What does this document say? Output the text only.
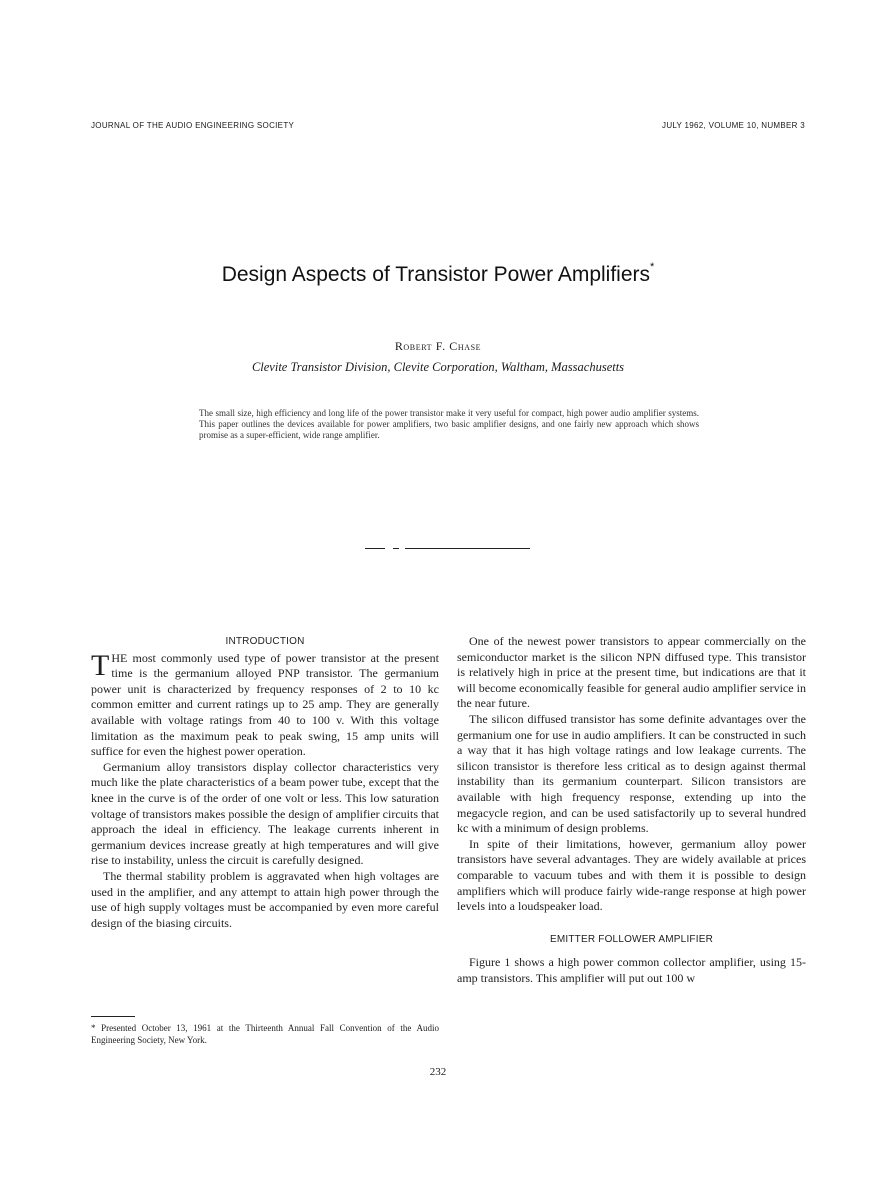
JOURNAL OF THE AUDIO ENGINEERING SOCIETY	JULY 1962, VOLUME 10, NUMBER 3
Design Aspects of Transistor Power Amplifiers*
Robert F. Chase
Clevite Transistor Division, Clevite Corporation, Waltham, Massachusetts
The small size, high efficiency and long life of the power transistor make it very useful for compact, high power audio amplifier systems. This paper outlines the devices available for power amplifiers, two basic amplifier designs, and one fairly new approach which shows promise as a super-efficient, wide range amplifier.
INTRODUCTION

THE most commonly used type of power transistor at the present time is the germanium alloyed PNP transistor. The germanium power unit is characterized by frequency responses of 2 to 10 kc common emitter and current ratings up to 25 amp. They are generally available with voltage ratings from 40 to 100 v. With this voltage limitation as the maximum peak to peak swing, 15 amp units will suffice for even the highest power operation.

Germanium alloy transistors display collector characteristics very much like the plate characteristics of a beam power tube, except that the knee in the curve is of the order of one volt or less. This low saturation voltage of transistors makes possible the design of amplifier circuits that approach the ideal in efficiency. The leakage currents inherent in germanium devices increase greatly at high temperatures and will give rise to instability, unless the circuit is carefully designed.

The thermal stability problem is aggravated when high voltages are used in the amplifier, and any attempt to attain high power through the use of high supply voltages must be accompanied by even more careful design of the biasing circuits.

One of the newest power transistors to appear commercially on the semiconductor market is the silicon NPN diffused type. This transistor is relatively high in price at the present time, but indications are that it will become economically feasible for general audio amplifier service in the near future.

The silicon diffused transistor has some definite advantages over the germanium one for use in audio amplifiers. It can be constructed in such a way that it has high voltage ratings and low leakage currents. The silicon transistor is therefore less critical as to design against thermal instability than its germanium counterpart. Silicon transistors are available with high frequency response, extending up into the megacycle region, and can be used satisfactorily up to several hundred kc with a minimum of design problems.

In spite of their limitations, however, germanium alloy power transistors have several advantages. They are widely available at prices comparable to vacuum tubes and with them it is possible to design amplifiers which will produce fairly wide-range response at high power levels into a loudspeaker load.

EMITTER FOLLOWER AMPLIFIER

Figure 1 shows a high power common collector amplifier, using 15-amp transistors. This amplifier will put out 100 w

* Presented October 13, 1961 at the Thirteenth Annual Fall Convention of the Audio Engineering Society, New York.
232
